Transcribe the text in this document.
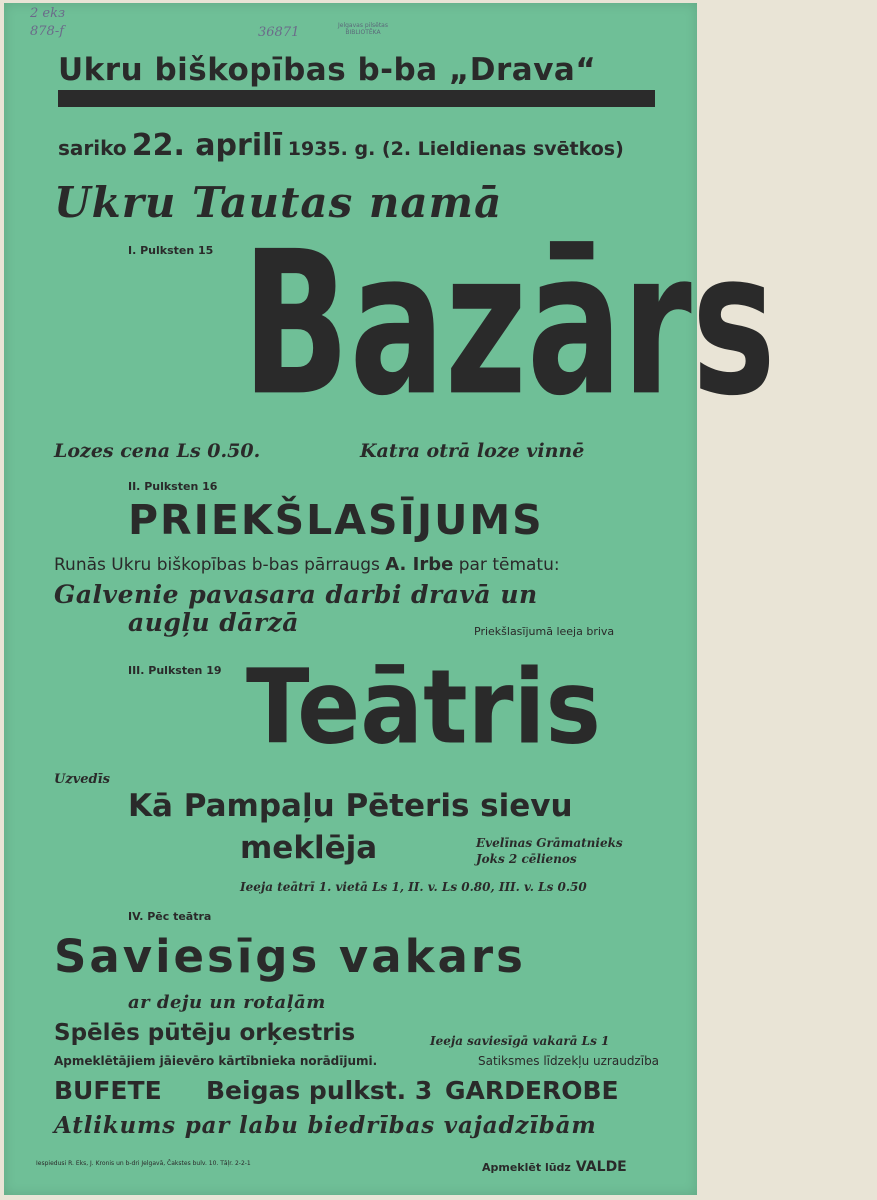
2 ekз
878-f	36871	Jelgavas pilsētas
BIBLIOTĒKA
Ukru biškopības b-ba „Drava“
sariko 22. aprilī 1935. g. (2. Lieldienas svētkos)
Ukru Tautas namā
I. Pulksten 15 Bazārs
Lozes cena Ls 0.50.	Katra otrā loze vinnē
II. Pulksten 16
PRIEKŠLASĪJUMS
Runās Ukru biškopības b-bas pārraugs A. Irbe par tēmatu:
Galvenie pavasara darbi dravā un
augļu dārzā	Priekšlasījumā leeja briva
III. Pulksten 19 Teātris
Uzvedīs
Kā Pampaļu Pēteris sievu
meklēja	Evelīnas Grāmatnieks
Joks 2 cēlienos
Ieeja teātrī 1. vietā Ls 1, II. v. Ls 0.80, III. v. Ls 0.50
IV. Pēc teātra
Saviesīgs vakars
ar deju un rotaļām
Spēlēs pūtēju orķestris	Ieeja saviesīgā vakarā Ls 1
Apmeklētājiem jāievēro kārtībnieka norādījumi.	Satiksmes līdzekļu uzraudzība
BUFETE Beigas pulkst. 3 GARDEROBE
Atlikums par labu biedrības vajadzībām
Iespiedusi R. Eks, J. Kronis un b-dri Jelgavā, Čakstes bulv. 10. Tāļr. 2-2-1	Apmeklēt lūdz VALDE
